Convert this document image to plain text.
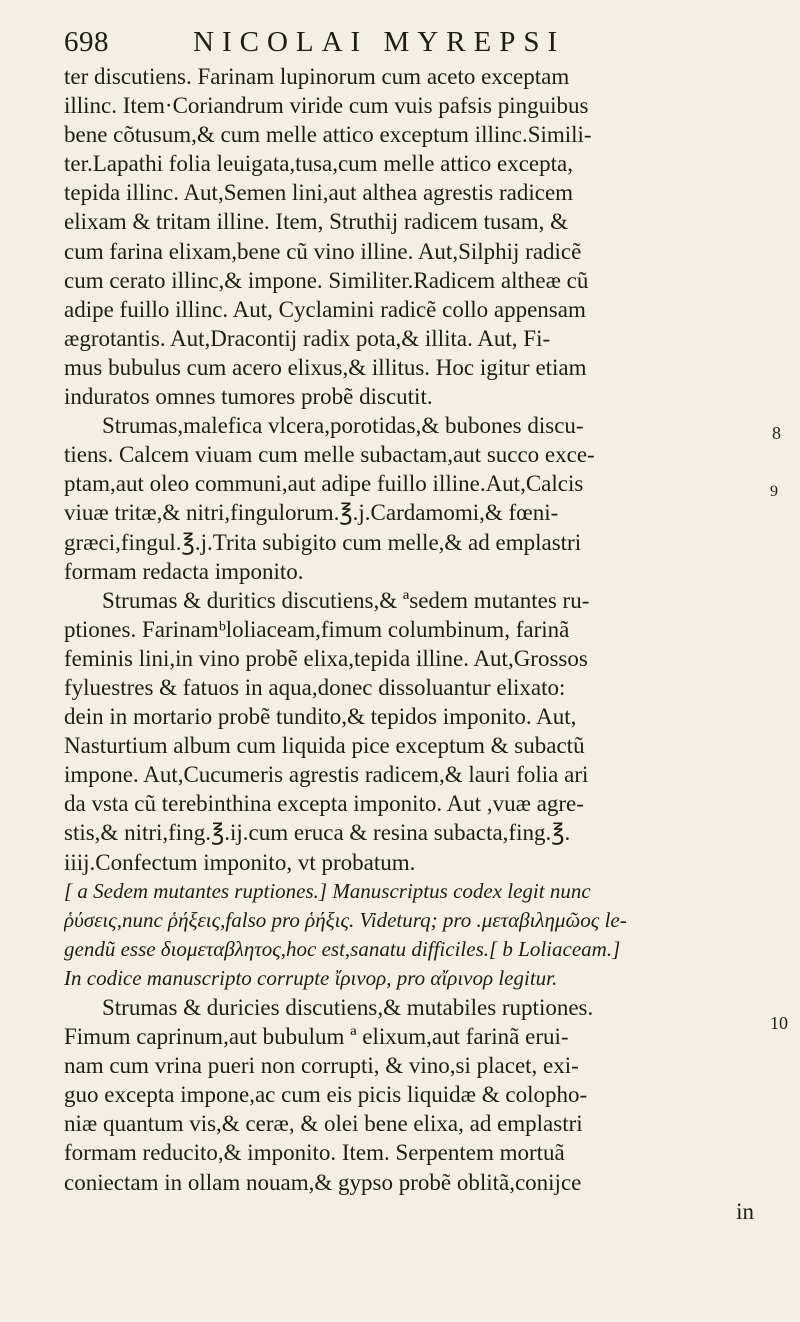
698	NICOLAI MYREPSI
ter discutiens. Farinam lupinorum cum aceto exceptam
illinc. Item·Coriandrum viride cum vuis pafsis pinguibus
bene cõtusum,& cum melle attico exceptum illinc.Simili-
ter.Lapathi folia leuigata,tusa,cum melle attico excepta,
tepida illinc. Aut,Semen lini,aut althea agrestis radicem
elixam & tritam illine. Item, Struthij radicem tusam, &
cum farina elixam,bene cũ vino illine. Aut,Silphij radicẽ
cum cerato illinc,& impone. Similiter.Radicem altheæ cũ
adipe fuillo illinc. Aut, Cyclamini radicẽ collo appensam
ægrotantis. Aut,Dracontij radix pota,& illita. Aut, Fi-
mus bubulus cum acero elixus,& illitus. Hoc igitur etiam
induratos omnes tumores probẽ discutit.
Strumas,malefica vlcera,porotidas,& bubones discu-
tiens. Calcem viuam cum melle subactam,aut succo exce-
ptam,aut oleo communi,aut adipe fuillo illine.Aut,Calcis
viuæ tritæ,& nitri,fingulorum.℥.j.Cardamomi,& fœni-
græci,fingul.℥.j.Trita subigito cum melle,& ad emplastri
formam redacta imponito.
Strumas & duritics discutiens,& ªsedem mutantes ru-
ptiones. Farinamᵇloliaceam,fimum columbinum, farinã
feminis lini,in vino probẽ elixa,tepida illine. Aut,Grossos
fyluestres & fatuos in aqua,donec dissoluantur elixato:
dein in mortario probẽ tundito,& tepidos imponito. Aut,
Nasturtium album cum liquida pice exceptum & subactũ
impone. Aut,Cucumeris agrestis radicem,& lauri folia ari
da vsta cũ terebinthina excepta imponito. Aut ,vuæ agre-
stis,& nitri,fing.℥.ij.cum eruca & resina subacta,fing.℥.
iiij.Confectum imponito, vt probatum.
[ a Sedem mutantes ruptiones.] Manuscriptus codex legit nunc
ῥύσεις,nunc ῥήξεις,falso pro ῥήξις. Videturq; pro .μεταβιλημῶος le-
gendũ esse διομεταβλητος,hoc est,sanatu difficiles.[ b Loliaceam.]
In codice manuscripto corrupte ἴρινορ, pro αἴρινορ legitur.
Strumas & duricies discutiens,& mutabiles ruptiones.
Fimum caprinum,aut bubulum ª elixum,aut farinã erui-
nam cum vrina pueri non corrupti, & vino,si placet, exi-
guo excepta impone,ac cum eis picis liquidæ & colopho-
niæ quantum vis,& ceræ, & olei bene elixa, ad emplastri
formam reducito,& imponito. Item. Serpentem mortuã
coniectam in ollam nouam,& gypso probẽ oblitã,conijce
in
8
9
10
